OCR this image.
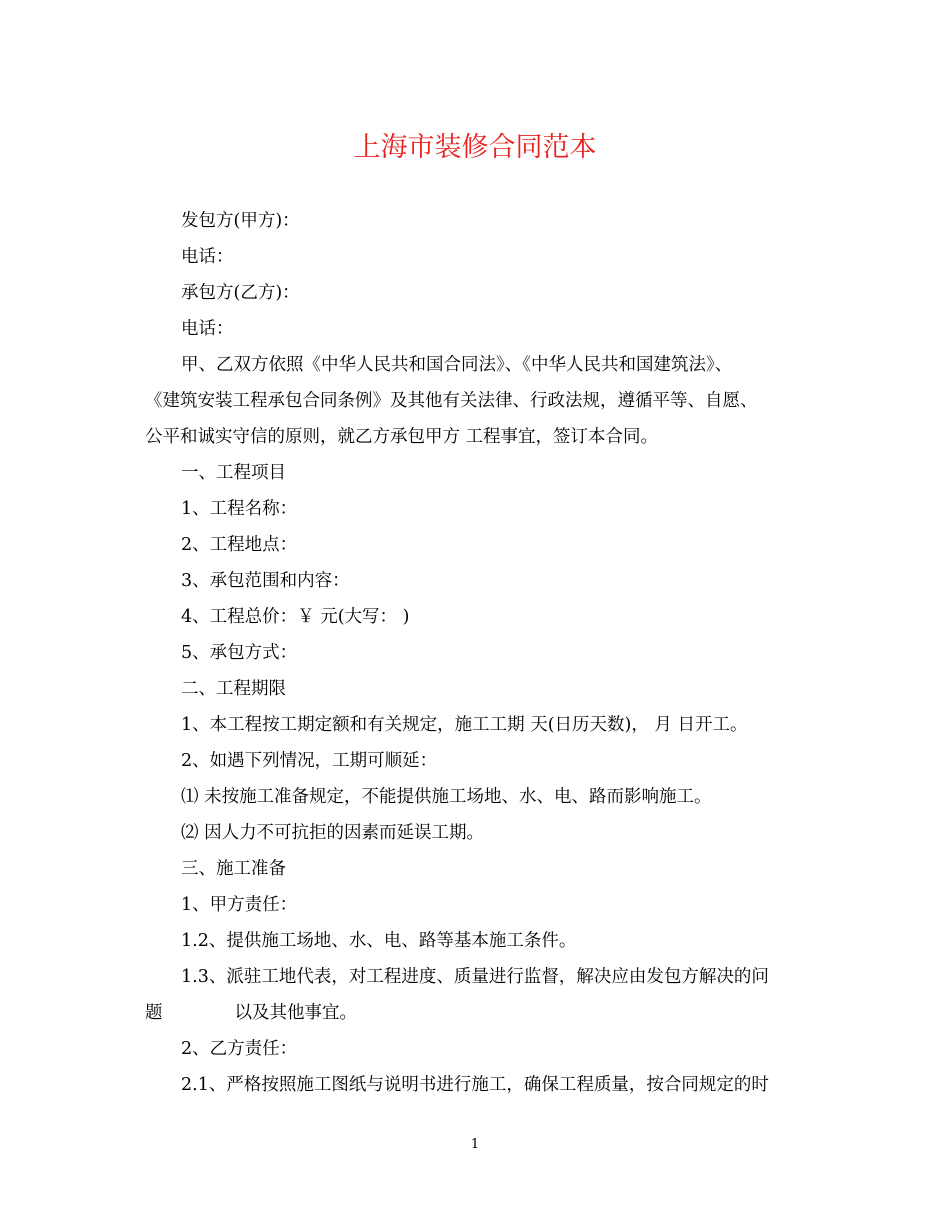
上海市装修合同范本

发包方(甲方)：

电话：

承包方(乙方)：

电话：

甲、乙双方依照《中华人民共和国合同法》、《中华人民共和国建筑法》、

《建筑安装工程承包合同条例》及其他有关法律、行政法规，遵循平等、自愿、

公平和诚实守信的原则，就乙方承包甲方 工程事宜，签订本合同。

一、工程项目

1、工程名称：

2、工程地点：

3、承包范围和内容：

4、工程总价：￥ 元(大写： )

5、承包方式：

二、工程期限

1、本工程按工期定额和有关规定，施工工期 天(日历天数)， 月 日开工。

2、如遇下列情况，工期可顺延：

⑴ 未按施工准备规定，不能提供施工场地、水、电、路而影响施工。

⑵ 因人力不可抗拒的因素而延误工期。

三、施工准备

1、甲方责任：

1.2、提供施工场地、水、电、路等基本施工条件。

1.3、派驻工地代表，对工程进度、质量进行监督，解决应由发包方解决的问

题	以及其他事宜。

2、乙方责任：

2.1、严格按照施工图纸与说明书进行施工，确保工程质量，按合同规定的时

1
